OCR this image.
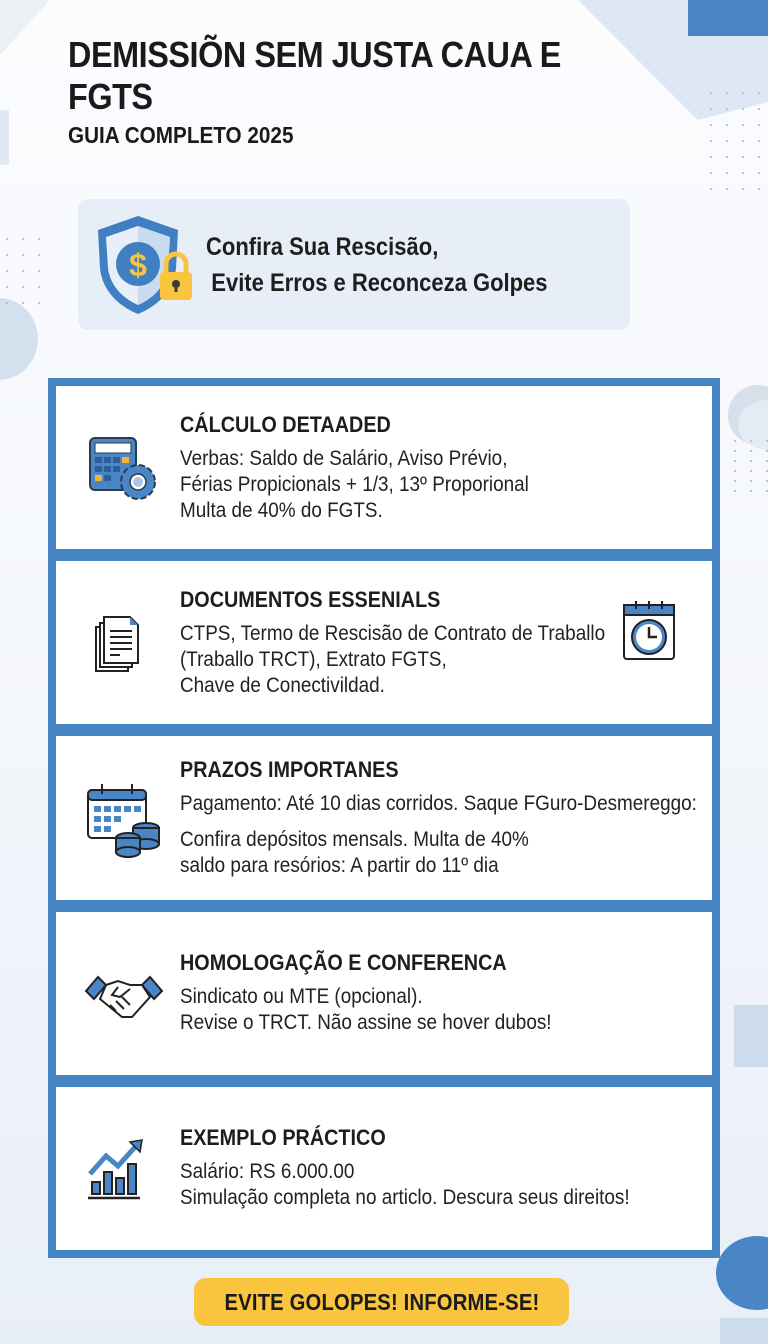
DEMISSIÕN SEM JUSTA CAUA E FGTS
GUIA COMPLETO 2025
$ Confira Sua Rescisão,
Evite Erros e Reconceza Golpes
CÁLCULO DETAADED
Verbas: Saldo de Salário, Aviso Prévio,
Férias Propicionals + 1/3, 13º Proporional
Multa de 40% do FGTS.
DOCUMENTOS ESSENIALS
CTPS, Termo de Rescisão de Contrato de Traballo
(Traballo TRCT), Extrato FGTS,
Chave de Conectivildad.
PRAZOS IMPORTANES
Pagamento: Até 10 dias corridos. Saque FGuro-Desmereggo:
Confira depósitos mensals. Multa de 40%
saldo para resórios: A partir do 11º dia
HOMOLOGAÇÃO E CONFERENCA
Sindicato ou MTE (opcional).
Revise o TRCT. Não assine se hover dubos!
EXEMPLO PRÁCTICO
Salário: RS 6.000.00
Simulação completa no articlo. Descura seus direitos!
EVITE GOLOPES! INFORME-SE!
